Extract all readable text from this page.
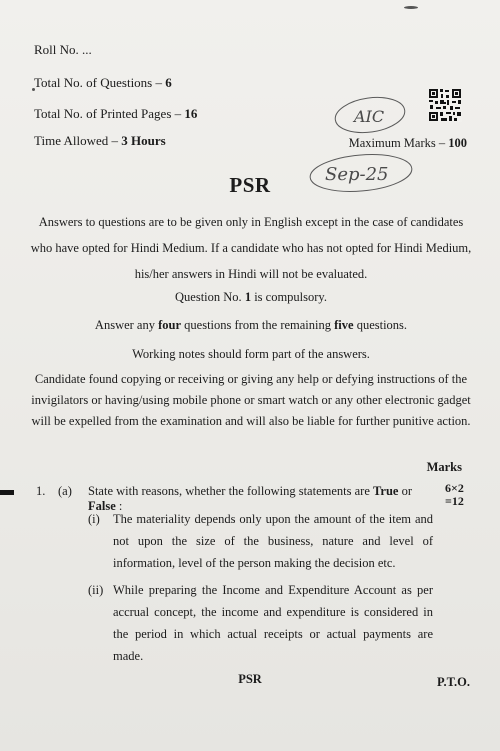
Roll No. ...
Total No. of Questions – 6
Total No. of Printed Pages – 16
Time Allowed – 3 Hours	Maximum Marks – 100
AIC
Sep-25
PSR
Answers to questions are to be given only in English except in the case of candidates who have opted for Hindi Medium. If a candidate who has not opted for Hindi Medium, his/her answers in Hindi will not be evaluated.
Question No. 1 is compulsory.
Answer any four questions from the remaining five questions.
Working notes should form part of the answers.
Candidate found copying or receiving or giving any help or defying instructions of the invigilators or having/using mobile phone or smart watch or any other electronic gadget will be expelled from the examination and will also be liable for further punitive action.
Marks
1. (a) State with reasons, whether the following statements are True or False :
6×2
=12
(i) The materiality depends only upon the amount of the item and not upon the size of the business, nature and level of information, level of the person making the decision etc.
(ii) While preparing the Income and Expenditure Account as per accrual concept, the income and expenditure is considered in the period in which actual receipts or actual payments are made.
PSR	P.T.O.
